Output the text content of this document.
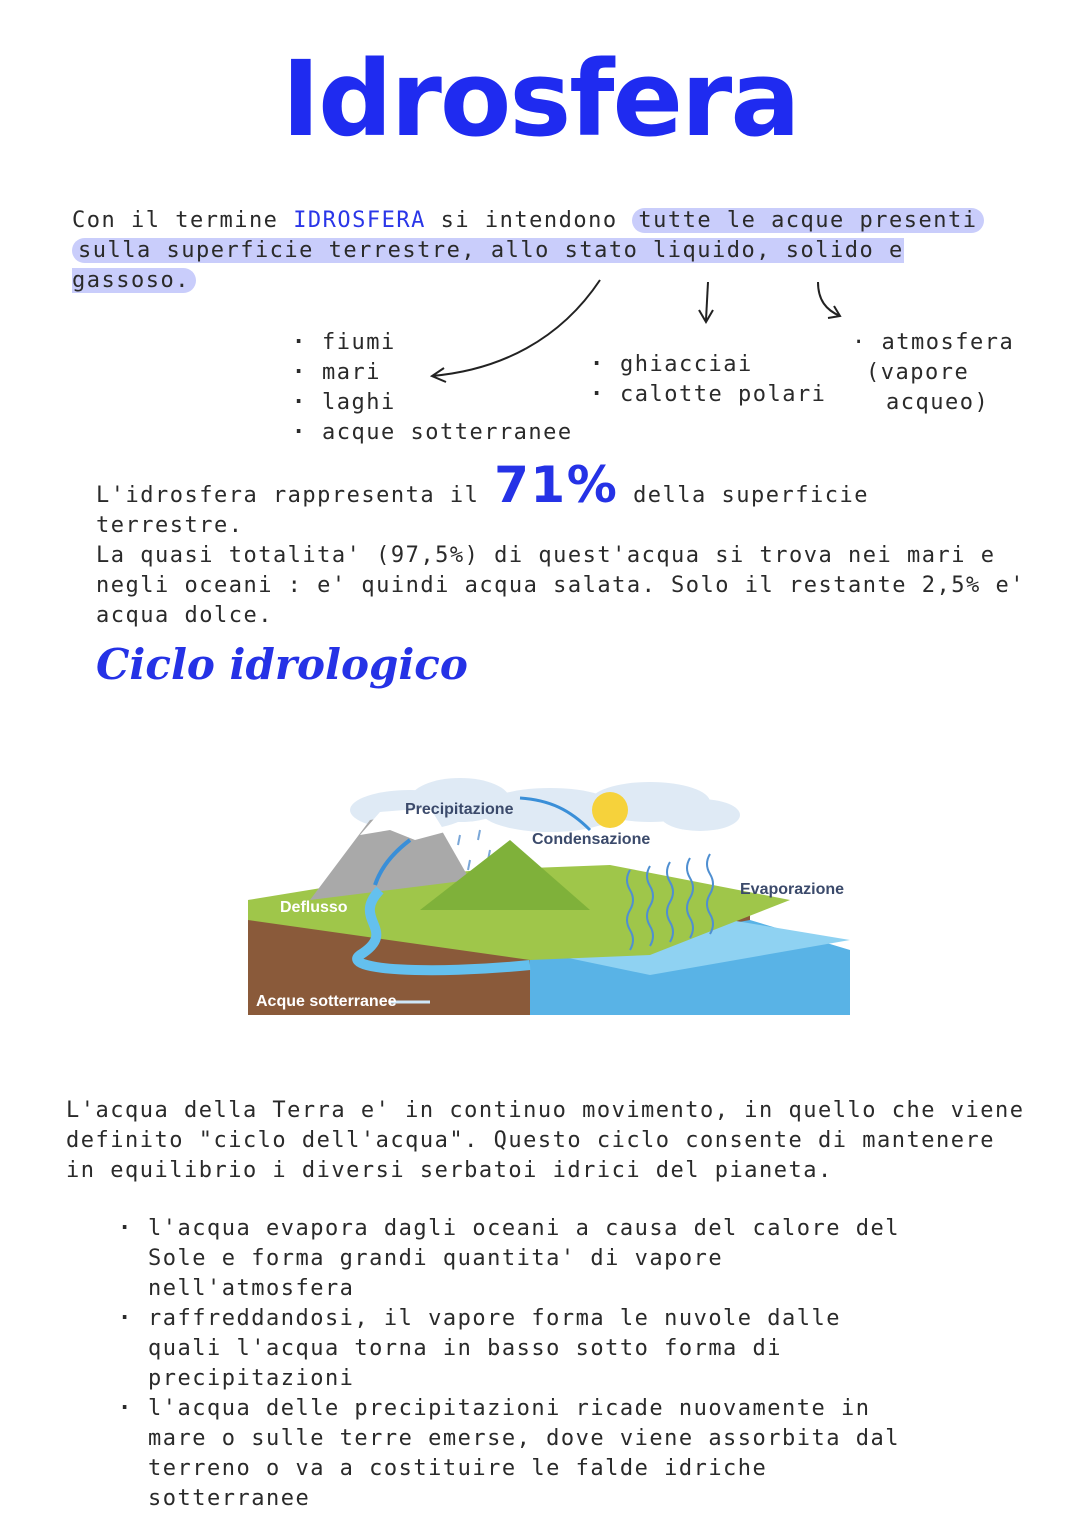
Idrosfera
Con il termine IDROSFERA si intendono tutte le acque presenti
sulla superficie terrestre, allo stato liquido, solido e gassoso.
· fiumi
· mari
· laghi
· acque sotterranee
· ghiacciai
· calotte polari
· atmosfera
(vapore
acqueo)
L'idrosfera rappresenta il 71% della superficie terrestre.
La quasi totalita' (97,5%) di quest'acqua si trova nei mari e
negli oceani : e' quindi acqua salata. Solo il restante 2,5% e'
acqua dolce.
Ciclo idrologico
Precipitazione
Condensazione
Evaporazione
Deflusso
Acque sotterranee
L'acqua della Terra e' in continuo movimento, in quello che viene
definito "ciclo dell'acqua". Questo ciclo consente di mantenere
in equilibrio i diversi serbatoi idrici del pianeta.
· l'acqua evapora dagli oceani a causa del calore del Sole e forma grandi quantita' di vapore nell'atmosfera
· raffreddandosi, il vapore forma le nuvole dalle quali l'acqua torna in basso sotto forma di precipitazioni
· l'acqua delle precipitazioni ricade nuovamente in mare o sulle terre emerse, dove viene assorbita dal terreno o va a costituire le falde idriche sotterranee
